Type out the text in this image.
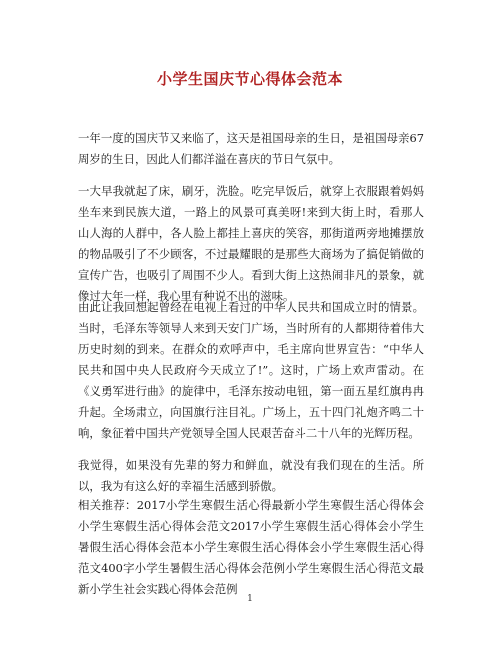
小学生国庆节心得体会范本
一年一度的国庆节又来临了，这天是祖国母亲的生日，是祖国母亲67周岁的生日，因此人们都洋溢在喜庆的节日气氛中。
一大早我就起了床，刷牙，洗脸。吃完早饭后，就穿上衣服跟着妈妈坐车来到民族大道，一路上的风景可真美呀!来到大街上时，看那人山人海的人群中，各人脸上都挂上喜庆的笑容，那街道两旁地摊摆放的物品吸引了不少顾客，不过最耀眼的是那些大商场为了搞促销做的宣传广告，也吸引了周围不少人。看到大街上这热闹非凡的景象，就像过大年一样，我心里有种说不出的滋味。
由此让我回想起曾经在电视上看过的中华人民共和国成立时的情景。当时，毛泽东等领导人来到天安门广场，当时所有的人都期待着伟大历史时刻的到来。在群众的欢呼声中，毛主席向世界宣告：“中华人民共和国中央人民政府今天成立了!”。这时，广场上欢声雷动。在《义勇军进行曲》的旋律中，毛泽东按动电钮，第一面五星红旗冉冉升起。全场肃立，向国旗行注目礼。广场上，五十四门礼炮齐鸣二十响，象征着中国共产党领导全国人民艰苦奋斗二十八年的光辉历程。
我觉得，如果没有先辈的努力和鲜血，就没有我们现在的生活。所以，我为有这么好的幸福生活感到骄傲。
相关推荐：2017小学生寒假生活心得最新小学生寒假生活心得体会小学生寒假生活心得体会范文2017小学生寒假生活心得体会小学生暑假生活心得体会范本小学生寒假生活心得体会小学生寒假生活心得范文400字小学生暑假生活心得体会范例小学生寒假生活心得范文最新小学生社会实践心得体会范例
1
